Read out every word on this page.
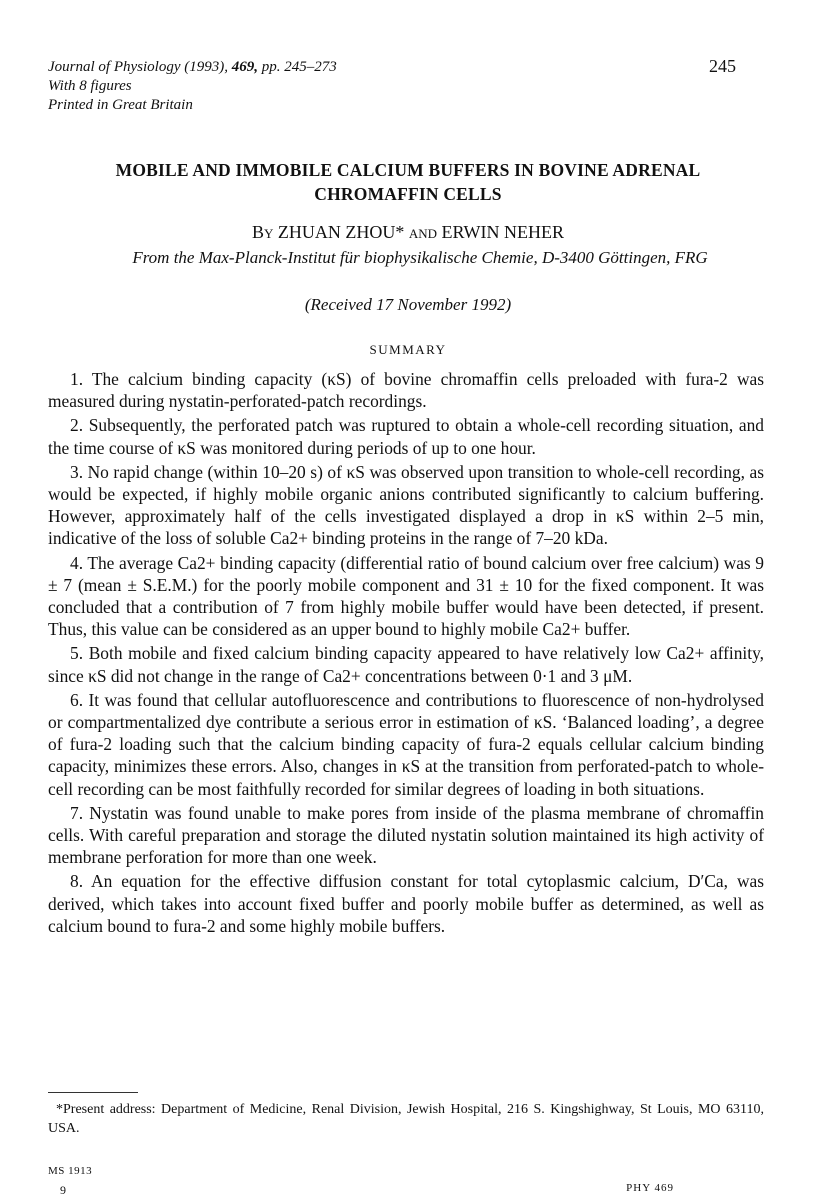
Journal of Physiology (1993), 469, pp. 245–273
With 8 figures
Printed in Great Britain
245
MOBILE AND IMMOBILE CALCIUM BUFFERS IN BOVINE ADRENAL
CHROMAFFIN CELLS
By ZHUAN ZHOU* and ERWIN NEHER
From the Max-Planck-Institut für biophysikalische Chemie, D-3400 Göttingen, FRG
(Received 17 November 1992)
SUMMARY

1. The calcium binding capacity (κS) of bovine chromaffin cells preloaded with fura-2 was measured during nystatin-perforated-patch recordings.

2. Subsequently, the perforated patch was ruptured to obtain a whole-cell recording situation, and the time course of κS was monitored during periods of up to one hour.

3. No rapid change (within 10–20 s) of κS was observed upon transition to whole-cell recording, as would be expected, if highly mobile organic anions contributed significantly to calcium buffering. However, approximately half of the cells investigated displayed a drop in κS within 2–5 min, indicative of the loss of soluble Ca2+ binding proteins in the range of 7–20 kDa.

4. The average Ca2+ binding capacity (differential ratio of bound calcium over free calcium) was 9 ± 7 (mean ± S.E.M.) for the poorly mobile component and 31 ± 10 for the fixed component. It was concluded that a contribution of 7 from highly mobile buffer would have been detected, if present. Thus, this value can be considered as an upper bound to highly mobile Ca2+ buffer.

5. Both mobile and fixed calcium binding capacity appeared to have relatively low Ca2+ affinity, since κS did not change in the range of Ca2+ concentrations between 0·1 and 3 μM.

6. It was found that cellular autofluorescence and contributions to fluorescence of non-hydrolysed or compartmentalized dye contribute a serious error in estimation of κS. ‘Balanced loading’, a degree of fura-2 loading such that the calcium binding capacity of fura-2 equals cellular calcium binding capacity, minimizes these errors. Also, changes in κS at the transition from perforated-patch to whole-cell recording can be most faithfully recorded for similar degrees of loading in both situations.

7. Nystatin was found unable to make pores from inside of the plasma membrane of chromaffin cells. With careful preparation and storage the diluted nystatin solution maintained its high activity of membrane perforation for more than one week.

8. An equation for the effective diffusion constant for total cytoplasmic calcium, D′Ca, was derived, which takes into account fixed buffer and poorly mobile buffer as determined, as well as calcium bound to fura-2 and some highly mobile buffers.

*Present address: Department of Medicine, Renal Division, Jewish Hospital, 216 S. Kingshighway, St Louis, MO 63110, USA.
MS 1913
9	PHY 469
